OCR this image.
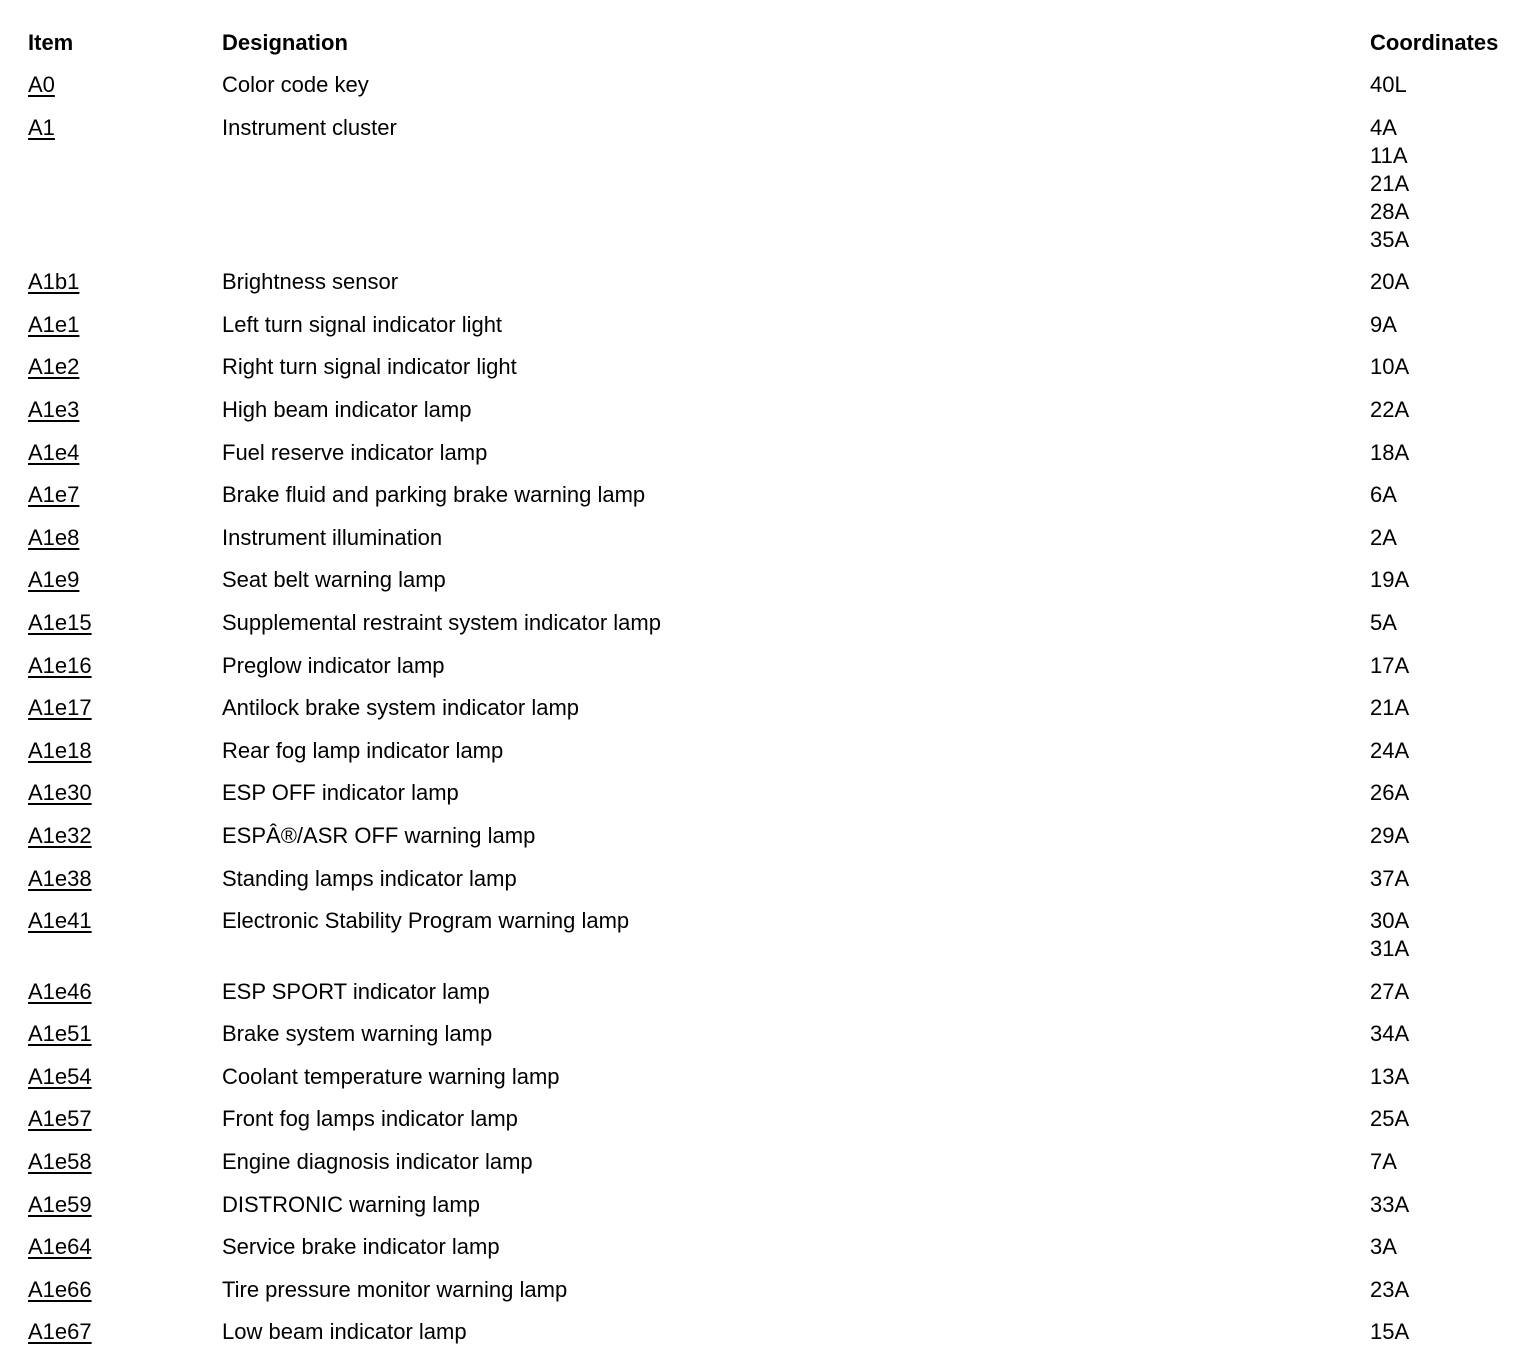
Item	Designation	Coordinates
A0	Color code key	40L
A1	Instrument cluster	4A
11A
21A
28A
35A
A1b1	Brightness sensor	20A
A1e1	Left turn signal indicator light	9A
A1e2	Right turn signal indicator light	10A
A1e3	High beam indicator lamp	22A
A1e4	Fuel reserve indicator lamp	18A
A1e7	Brake fluid and parking brake warning lamp	6A
A1e8	Instrument illumination	2A
A1e9	Seat belt warning lamp	19A
A1e15	Supplemental restraint system indicator lamp	5A
A1e16	Preglow indicator lamp	17A
A1e17	Antilock brake system indicator lamp	21A
A1e18	Rear fog lamp indicator lamp	24A
A1e30	ESP OFF indicator lamp	26A
A1e32	ESPÂ®/ASR OFF warning lamp	29A
A1e38	Standing lamps indicator lamp	37A
A1e41	Electronic Stability Program warning lamp	30A
31A
A1e46	ESP SPORT indicator lamp	27A
A1e51	Brake system warning lamp	34A
A1e54	Coolant temperature warning lamp	13A
A1e57	Front fog lamps indicator lamp	25A
A1e58	Engine diagnosis indicator lamp	7A
A1e59	DISTRONIC warning lamp	33A
A1e64	Service brake indicator lamp	3A
A1e66	Tire pressure monitor warning lamp	23A
A1e67	Low beam indicator lamp	15A
